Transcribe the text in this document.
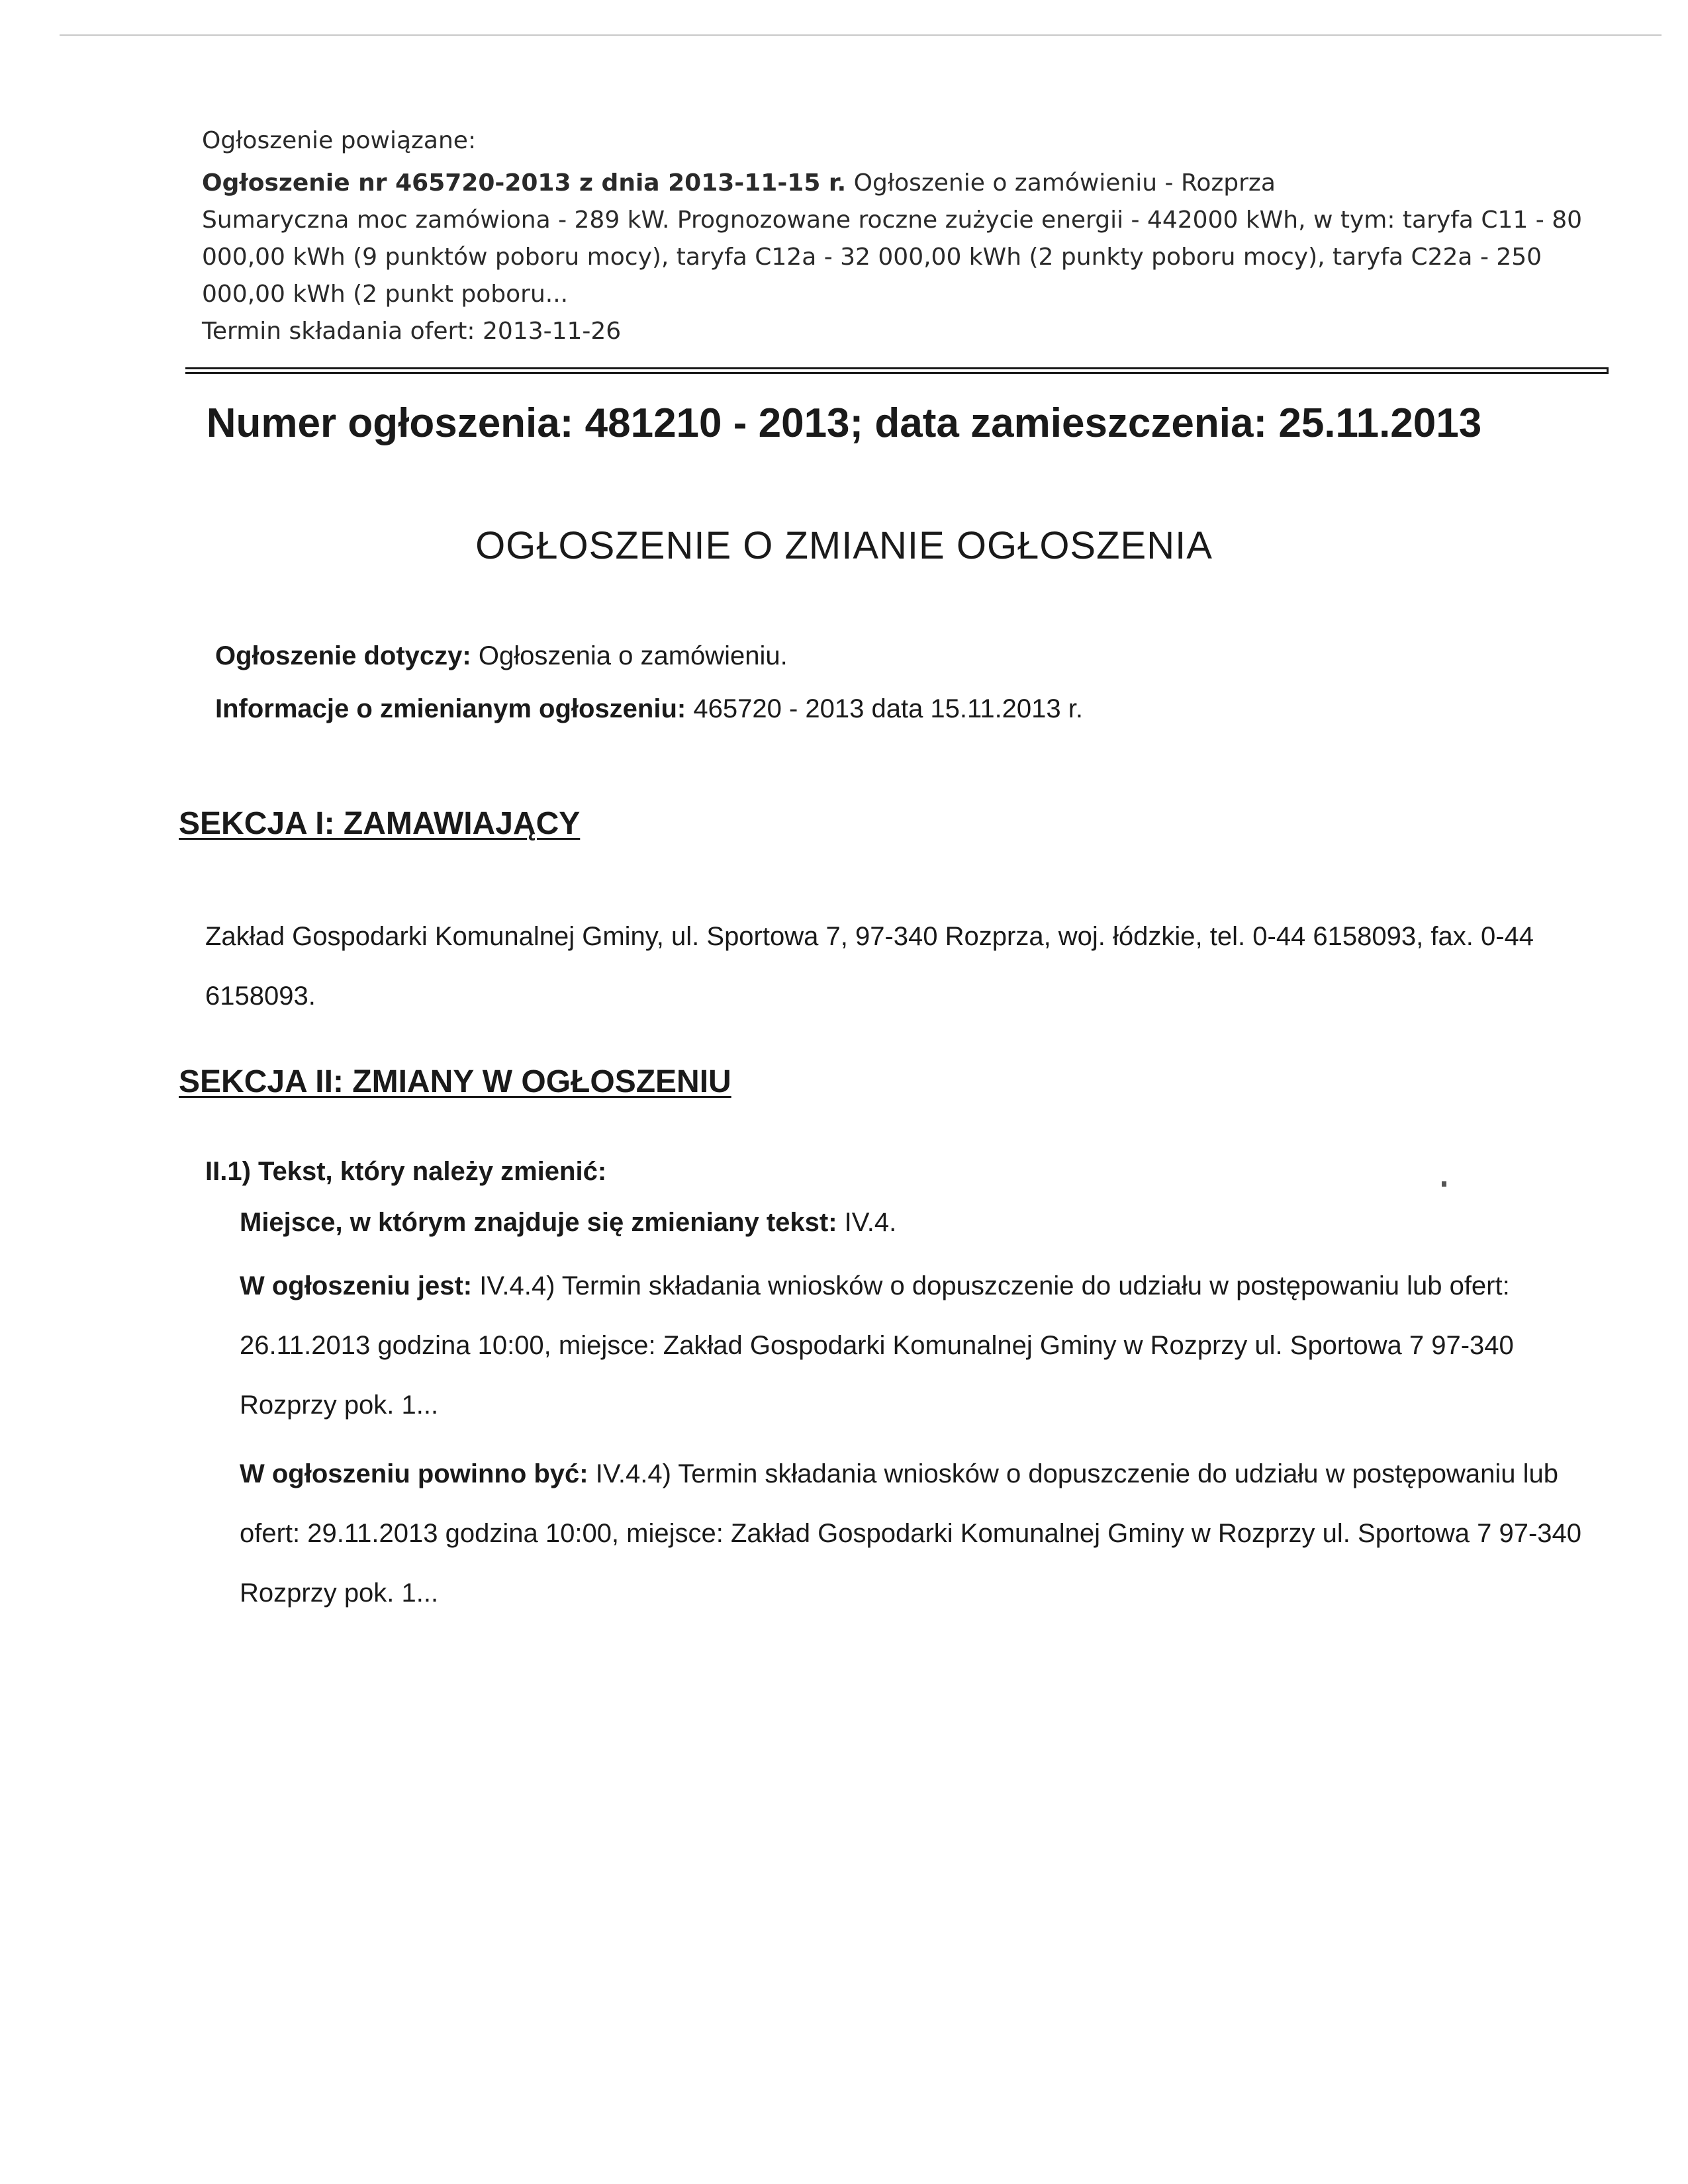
Ogłoszenie powiązane:

Ogłoszenie nr 465720-2013 z dnia 2013-11-15 r. Ogłoszenie o zamówieniu - Rozprza
Sumaryczna moc zamówiona - 289 kW. Prognozowane roczne zużycie energii - 442000 kWh, w tym: taryfa C11 - 80 000,00 kWh (9 punktów poboru mocy), taryfa C12a - 32 000,00 kWh (2 punkty poboru mocy), taryfa C22a - 250 000,00 kWh (2 punkt poboru...

Termin składania ofert: 2013-11-26

Numer ogłoszenia: 481210 - 2013; data zamieszczenia: 25.11.2013
OGŁOSZENIE O ZMIANIE OGŁOSZENIA

Ogłoszenie dotyczy: Ogłoszenia o zamówieniu.

Informacje o zmienianym ogłoszeniu: 465720 - 2013 data 15.11.2013 r.

SEKCJA I: ZAMAWIAJĄCY
Zakład Gospodarki Komunalnej Gminy, ul. Sportowa 7, 97-340 Rozprza, woj. łódzkie, tel. 0-44 6158093, fax. 0-44 6158093.
SEKCJA II: ZMIANY W OGŁOSZENIU

II.1) Tekst, który należy zmienić:

Miejsce, w którym znajduje się zmieniany tekst: IV.4.

W ogłoszeniu jest: IV.4.4) Termin składania wniosków o dopuszczenie do udziału w postępowaniu lub ofert: 26.11.2013 godzina 10:00, miejsce: Zakład Gospodarki Komunalnej Gminy w Rozprzy ul. Sportowa 7 97-340 Rozprzy pok. 1...

W ogłoszeniu powinno być: IV.4.4) Termin składania wniosków o dopuszczenie do udziału w postępowaniu lub ofert: 29.11.2013 godzina 10:00, miejsce: Zakład Gospodarki Komunalnej Gminy w Rozprzy ul. Sportowa 7 97-340 Rozprzy pok. 1...
